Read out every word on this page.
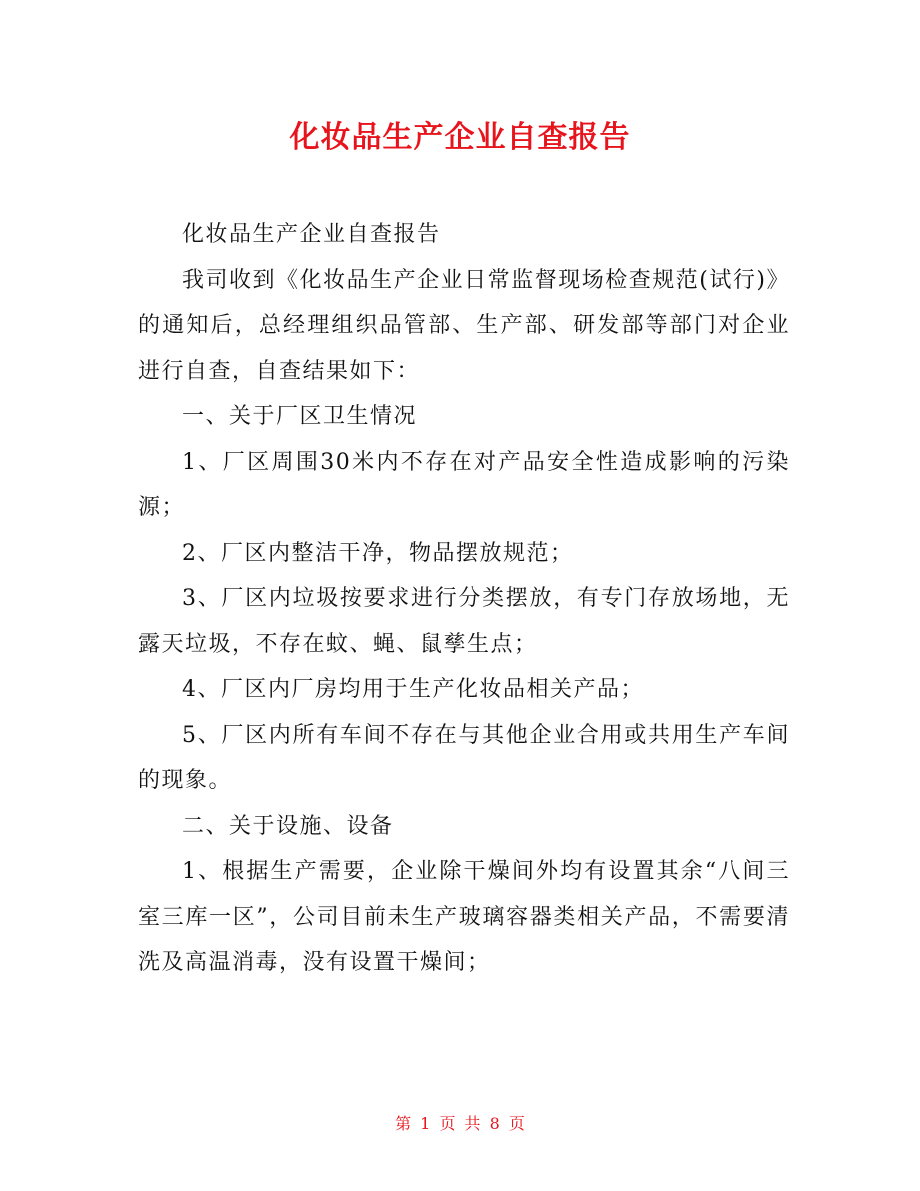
化妆品生产企业自查报告

化妆品生产企业自查报告

我司收到《化妆品生产企业日常监督现场检查规范(试行)》的通知后，总经理组织品管部、生产部、研发部等部门对企业进行自查，自查结果如下：

一、关于厂区卫生情况

1、厂区周围30米内不存在对产品安全性造成影响的污染源；

2、厂区内整洁干净，物品摆放规范；

3、厂区内垃圾按要求进行分类摆放，有专门存放场地，无露天垃圾，不存在蚊、蝇、鼠孳生点；

4、厂区内厂房均用于生产化妆品相关产品；

5、厂区内所有车间不存在与其他企业合用或共用生产车间的现象。

二、关于设施、设备

1、根据生产需要，企业除干燥间外均有设置其余“八间三室三库一区”，公司目前未生产玻璃容器类相关产品，不需要清洗及高温消毒，没有设置干燥间；

第 1 页 共 8 页
